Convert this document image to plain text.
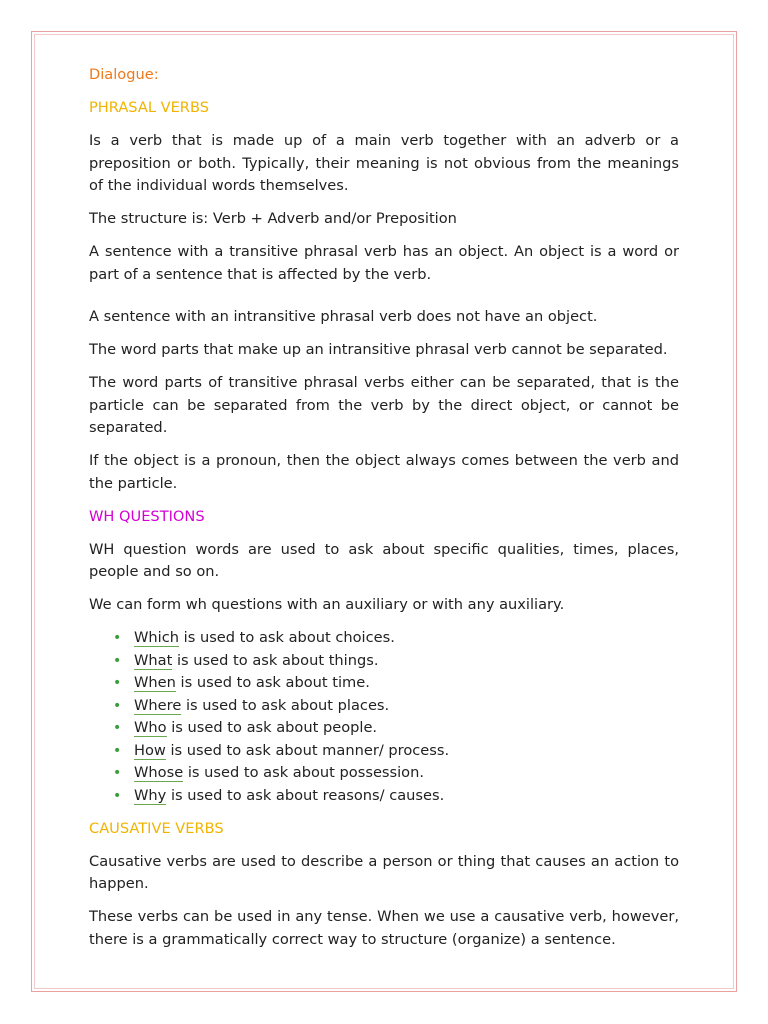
Dialogue:

PHRASAL VERBS

Is a verb that is made up of a main verb together with an adverb or a preposition or both. Typically, their meaning is not obvious from the meanings of the individual words themselves.

The structure is: Verb + Adverb and/or Preposition

A sentence with a transitive phrasal verb has an object. An object is a word or part of a sentence that is affected by the verb.

A sentence with an intransitive phrasal verb does not have an object.

The word parts that make up an intransitive phrasal verb cannot be separated.

The word parts of transitive phrasal verbs either can be separated, that is the particle can be separated from the verb by the direct object, or cannot be separated.

If the object is a pronoun, then the object always comes between the verb and the particle.

WH QUESTIONS

WH question words are used to ask about specific qualities, times, places, people and so on.

We can form wh questions with an auxiliary or with any auxiliary.

• Which is used to ask about choices.
• What is used to ask about things.
• When is used to ask about time.
• Where is used to ask about places.
• Who is used to ask about people.
• How is used to ask about manner/ process.
• Whose is used to ask about possession.
• Why is used to ask about reasons/ causes.

CAUSATIVE VERBS

Causative verbs are used to describe a person or thing that causes an action to happen.

These verbs can be used in any tense. When we use a causative verb, however, there is a grammatically correct way to structure (organize) a sentence.
